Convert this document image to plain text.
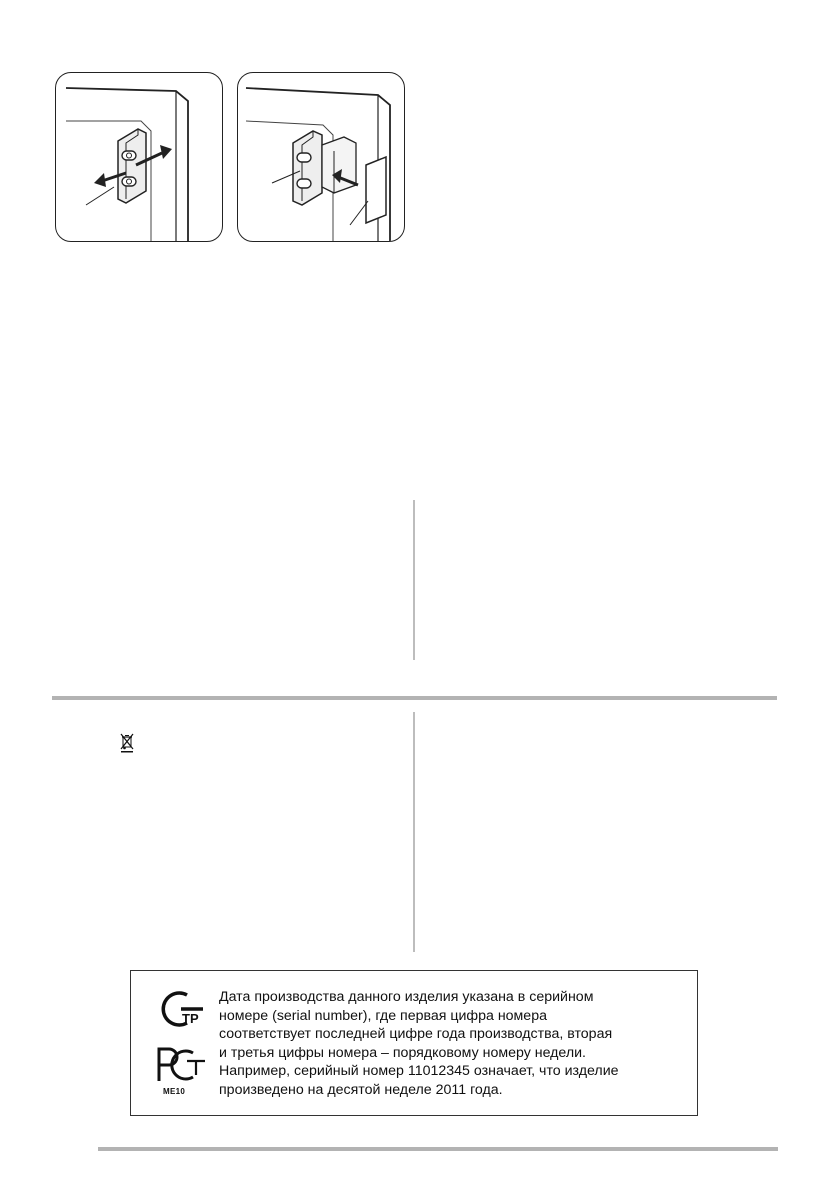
ТР
ME10

Дата производства данного изделия указана в серийном

номере (serial number), где первая цифра номера

соответствует последней цифре года производства, вторая

и третья цифры номера – порядковому номеру недели.

Например, серийный номер 11012345 означает, что изделие

произведено на десятой неделе 2011 года.
